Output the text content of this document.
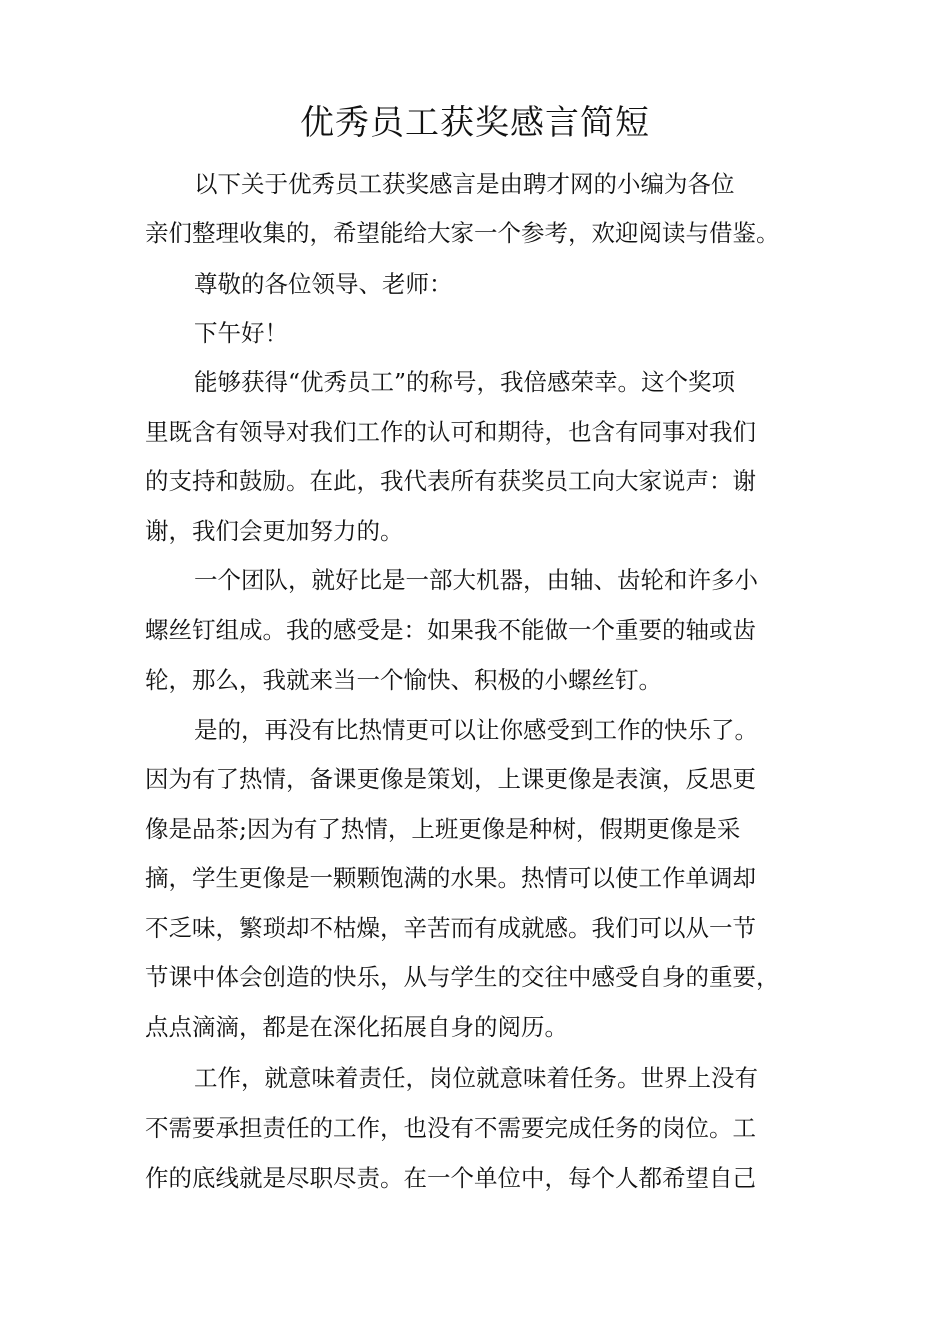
优秀员工获奖感言简短
以下关于优秀员工获奖感言是由聘才网的小编为各位
亲们整理收集的，希望能给大家一个参考，欢迎阅读与借鉴。
尊敬的各位领导、老师：
下午好！
能够获得“优秀员工”的称号，我倍感荣幸。这个奖项
里既含有领导对我们工作的认可和期待，也含有同事对我们
的支持和鼓励。在此，我代表所有获奖员工向大家说声：谢
谢，我们会更加努力的。
一个团队，就好比是一部大机器，由轴、齿轮和许多小
螺丝钉组成。我的感受是：如果我不能做一个重要的轴或齿
轮，那么，我就来当一个愉快、积极的小螺丝钉。
是的，再没有比热情更可以让你感受到工作的快乐了。
因为有了热情，备课更像是策划，上课更像是表演，反思更
像是品茶;因为有了热情，上班更像是种树，假期更像是采
摘，学生更像是一颗颗饱满的水果。热情可以使工作单调却
不乏味，繁琐却不枯燥，辛苦而有成就感。我们可以从一节
节课中体会创造的快乐，从与学生的交往中感受自身的重要，
点点滴滴，都是在深化拓展自身的阅历。
工作，就意味着责任，岗位就意味着任务。世界上没有
不需要承担责任的工作，也没有不需要完成任务的岗位。工
作的底线就是尽职尽责。在一个单位中，每个人都希望自己
